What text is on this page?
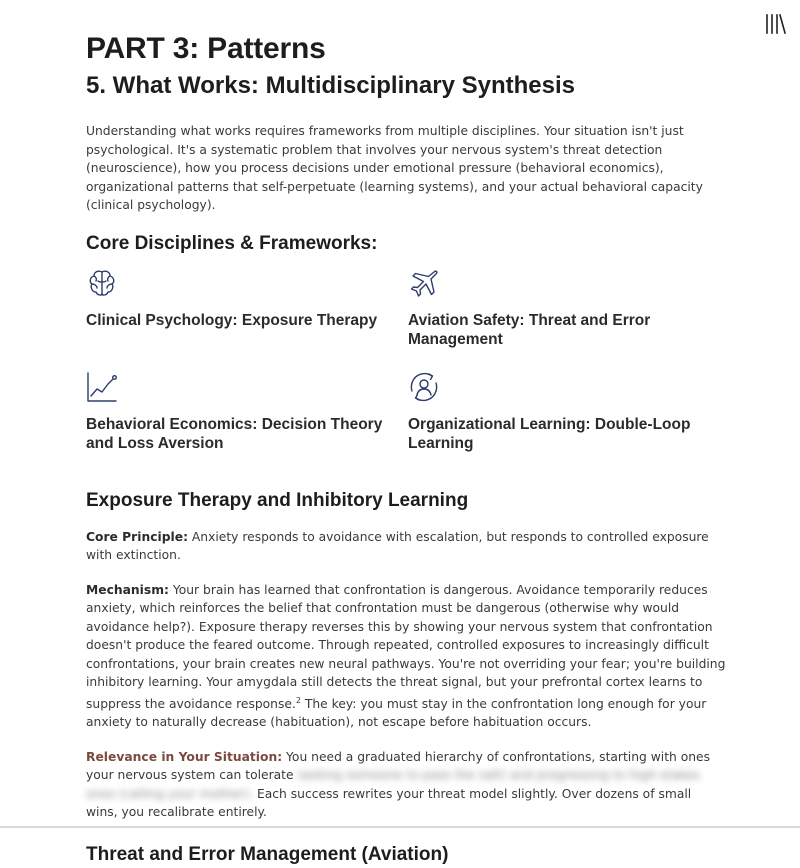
PART 3: Patterns
5. What Works: Multidisciplinary Synthesis

Understanding what works requires frameworks from multiple disciplines. Your situation isn't just psychological. It's a systematic problem that involves your nervous system's threat detection (neuroscience), how you process decisions under emotional pressure (behavioral economics), organizational patterns that self-perpetuate (learning systems), and your actual behavioral capacity (clinical psychology).

Core Disciplines & Frameworks:
Clinical Psychology: Exposure Therapy	Aviation Safety: Threat and Error Management
Behavioral Economics: Decision Theory and Loss Aversion
Organizational Learning: Double-Loop Learning
Exposure Therapy and Inhibitory Learning

Core Principle: Anxiety responds to avoidance with escalation, but responds to controlled exposure with extinction.

Mechanism: Your brain has learned that confrontation is dangerous. Avoidance temporarily reduces anxiety, which reinforces the belief that confrontation must be dangerous (otherwise why would avoidance help?). Exposure therapy reverses this by showing your nervous system that confrontation doesn't produce the feared outcome. Through repeated, controlled exposures to increasingly difficult confrontations, your brain creates new neural pathways. You're not overriding your fear; you're building inhibitory learning. Your amygdala still detects the threat signal, but your prefrontal cortex learns to suppress the avoidance response.$^2$ The key: you must stay in the confrontation long enough for your anxiety to naturally decrease (habituation), not escape before habituation occurs.

Relevance in Your Situation: You need a graduated hierarchy of confrontations, starting with ones your nervous system can tolerate (asking someone to pass the salt) and progressing to high-stakes ones (calling your mother). Each success rewrites your threat model slightly. Over dozens of small wins, you recalibrate entirely.

Threat and Error Management (Aviation)
